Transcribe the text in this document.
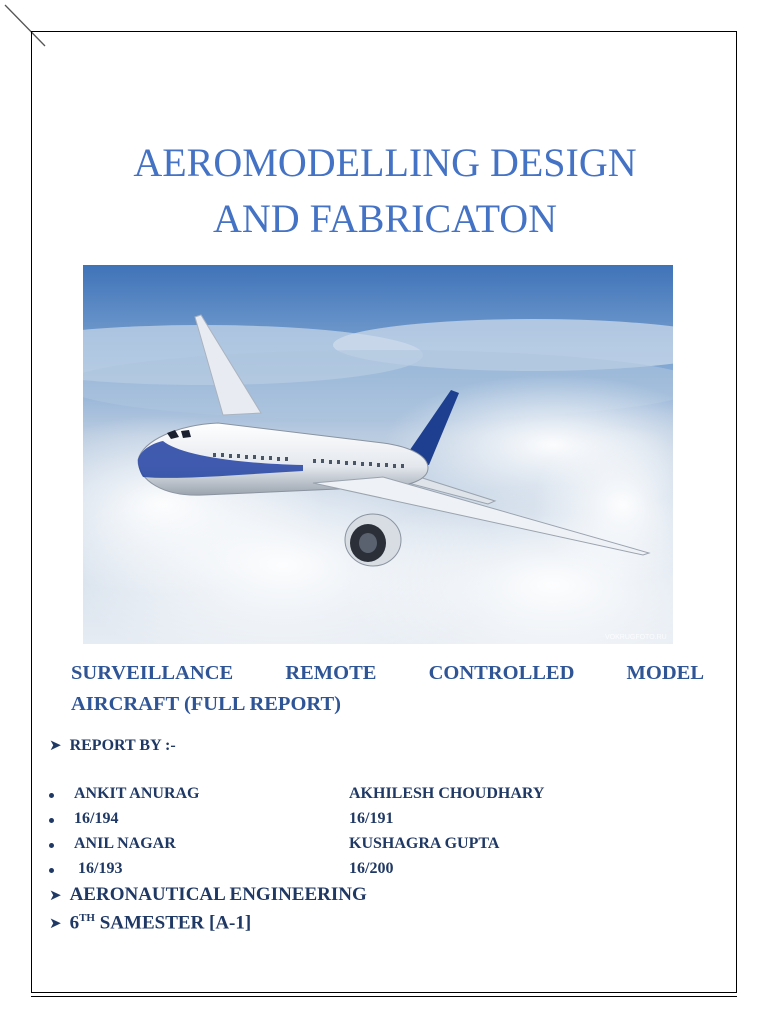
AEROMODELLING DESIGN
AND FABRICATON
VOKRUGFOTO.RU
SURVEILLANCE	REMOTE	CONTROLLED	MODEL
AIRCRAFT (FULL REPORT)
➤ REPORT BY :-
ANKIT ANURAG	AKHILESH CHOUDHARY
16/194	16/191
ANIL NAGAR	KUSHAGRA GUPTA
16/193	16/200
➤ AERONAUTICAL ENGINEERING
➤ 6TH SAMESTER [A-1]
